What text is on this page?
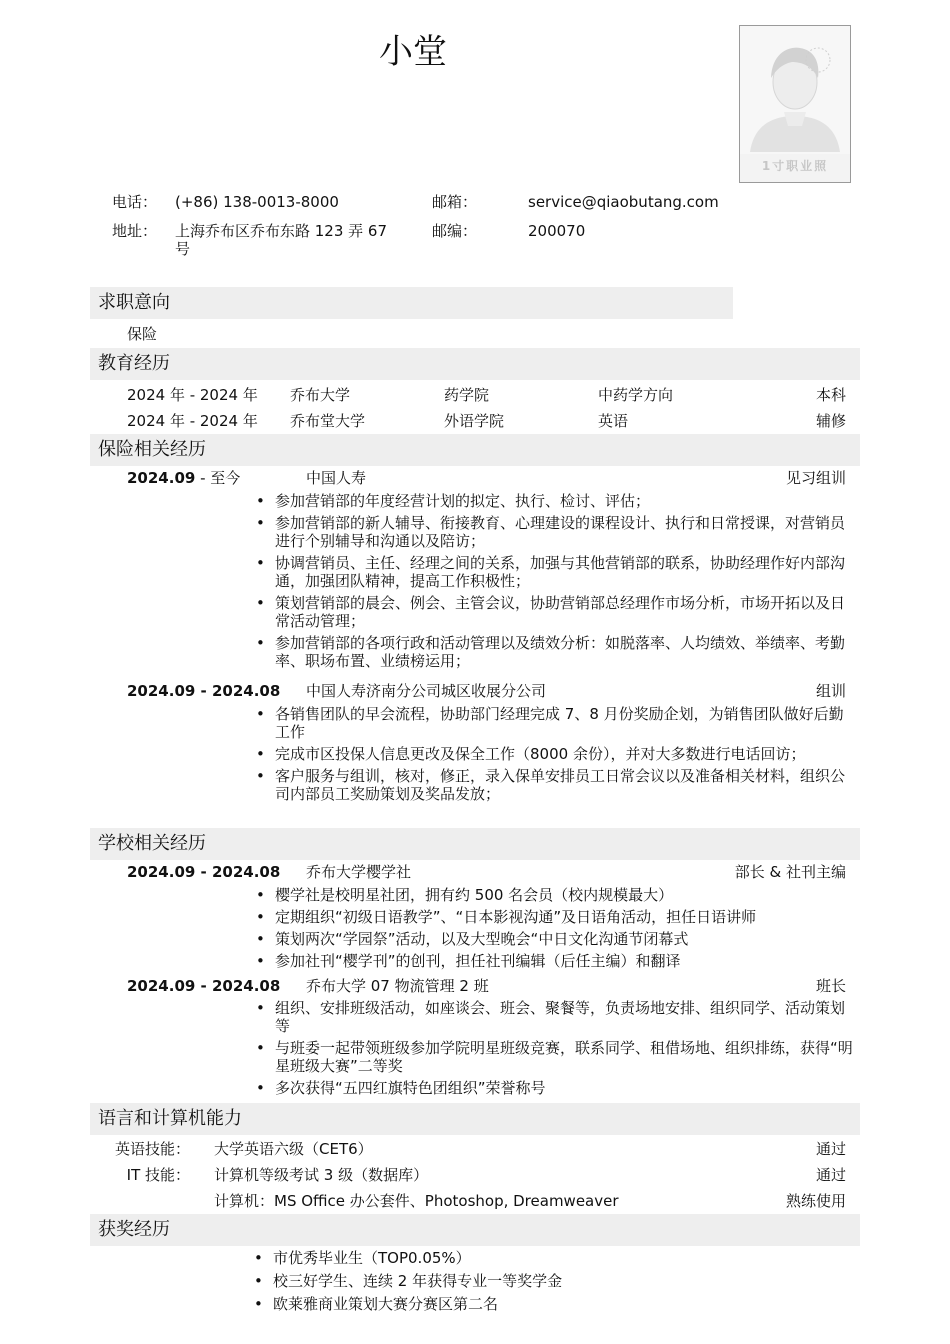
小堂
1寸职业照
电话： (+86) 138-0013-8000	邮箱：	service@qiaobutang.com
地址： 上海乔布区乔布东路 123 弄 67
号
邮编：	200070
求职意向
保险
教育经历
2024 年 - 2024 年 乔布大学	药学院	中药学方向	本科
2024 年 - 2024 年 乔布堂大学	外语学院	英语	辅修
保险相关经历
2024.09 - 至今	中国人寿	见习组训
• 参加营销部的年度经营计划的拟定、执行、检讨、评估；
• 参加营销部的新人辅导、衔接教育、心理建设的课程设计、执行和日常授课，对营销员进行个别辅导和沟通以及陪访；
• 协调营销员、主任、经理之间的关系，加强与其他营销部的联系，协助经理作好内部沟通，加强团队精神，提高工作积极性；
• 策划营销部的晨会、例会、主管会议，协助营销部总经理作市场分析，市场开拓以及日常活动管理；
• 参加营销部的各项行政和活动管理以及绩效分析：如脱落率、人均绩效、举绩率、考勤率、职场布置、业绩榜运用；
2024.09 - 2024.08 中国人寿济南分公司城区收展分公司	组训
• 各销售团队的早会流程，协助部门经理完成 7、8 月份奖励企划，为销售团队做好后勤工作
• 完成市区投保人信息更改及保全工作（8000 余份），并对大多数进行电话回访；
• 客户服务与组训，核对，修正，录入保单安排员工日常会议以及准备相关材料，组织公司内部员工奖励策划及奖品发放；
学校相关经历
2024.09 - 2024.08 乔布大学樱学社	部长 & 社刊主编
• 樱学社是校明星社团，拥有约 500 名会员（校内规模最大）
• 定期组织“初级日语教学”、“日本影视沟通”及日语角活动，担任日语讲师
• 策划两次“学园祭”活动，以及大型晚会“中日文化沟通节闭幕式
• 参加社刊“樱学刊”的创刊，担任社刊编辑（后任主编）和翻译
2024.09 - 2024.08 乔布大学 07 物流管理 2 班	班长
• 组织、安排班级活动，如座谈会、班会、聚餐等，负责场地安排、组织同学、活动策划等
• 与班委一起带领班级参加学院明星班级竞赛，联系同学、租借场地、组织排练，获得“明星班级大赛”二等奖
• 多次获得“五四红旗特色团组织”荣誉称号
语言和计算机能力
英语技能： 大学英语六级（CET6）	通过
IT 技能： 计算机等级考试 3 级（数据库）	通过
计算机：MS Office 办公套件、Photoshop, Dreamweaver	熟练使用
获奖经历
• 市优秀毕业生（TOP0.05%）
• 校三好学生、连续 2 年获得专业一等奖学金
• 欧莱雅商业策划大赛分赛区第二名
